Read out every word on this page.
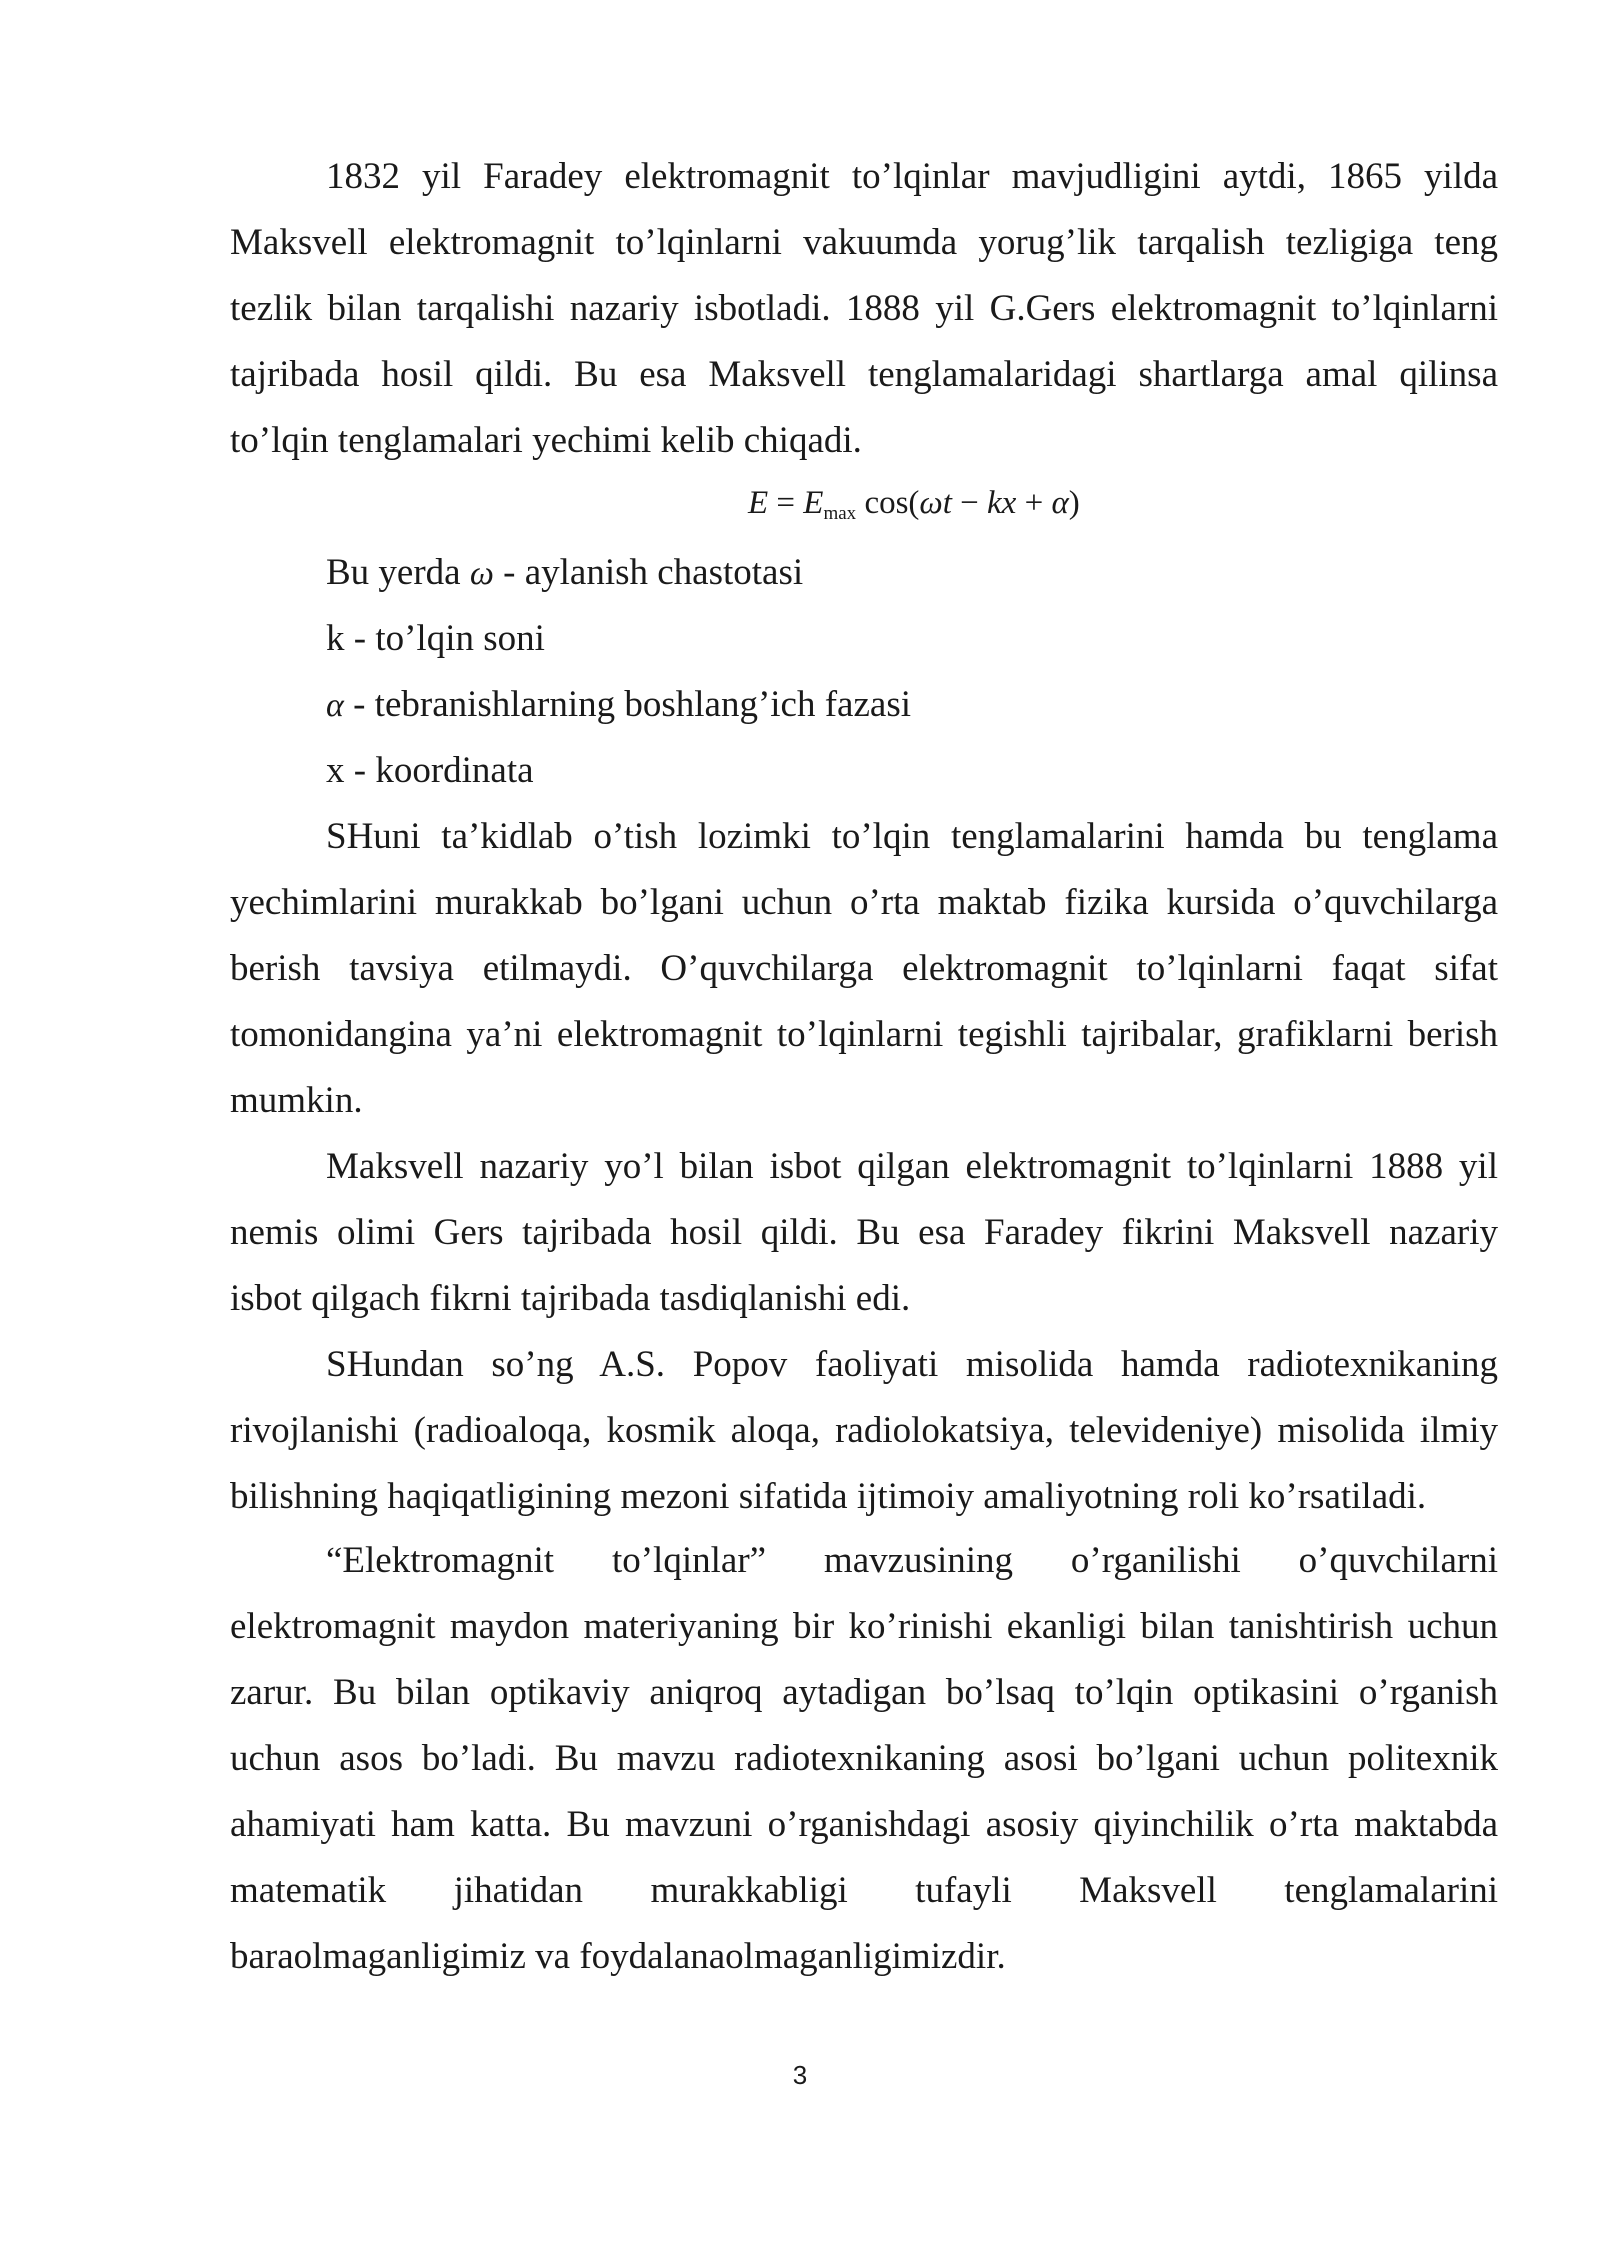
1832 yil Faradey elektromagnit to’lqinlar mavjudligini aytdi, 1865 yilda
Maksvell elektromagnit to’lqinlarni vakuumda yorug’lik tarqalish tezligiga teng
tezlik bilan tarqalishi nazariy isbotladi. 1888 yil G.Gers elektromagnit to’lqinlarni
tajribada hosil qildi. Bu esa Maksvell tenglamalaridagi shartlarga amal qilinsa
to’lqin tenglamalari yechimi kelib chiqadi.
$E = E_{max}$ cos(ωt − kx + α)
Bu yerda ω - aylanish chastotasi
k - to’lqin soni
α - tebranishlarning boshlang’ich fazasi
x - koordinata
SHuni ta’kidlab o’tish lozimki to’lqin tenglamalarini hamda bu tenglama
yechimlarini murakkab bo’lgani uchun o’rta maktab fizika kursida o’quvchilarga
berish tavsiya etilmaydi. O’quvchilarga elektromagnit to’lqinlarni faqat sifat
tomonidangina ya’ni elektromagnit to’lqinlarni tegishli tajribalar, grafiklarni berish
mumkin.
Maksvell nazariy yo’l bilan isbot qilgan elektromagnit to’lqinlarni 1888 yil
nemis olimi Gers tajribada hosil qildi. Bu esa Faradey fikrini Maksvell nazariy
isbot qilgach fikrni tajribada tasdiqlanishi edi.
SHundan so’ng A.S. Popov faoliyati misolida hamda radiotexnikaning
rivojlanishi (radioaloqa, kosmik aloqa, radiolokatsiya, televideniye) misolida ilmiy
bilishning haqiqatligining mezoni sifatida ijtimoiy amaliyotning roli ko’rsatiladi.
“Elektromagnit to’lqinlar” mavzusining o’rganilishi o’quvchilarni
elektromagnit maydon materiyaning bir ko’rinishi ekanligi bilan tanishtirish uchun
zarur. Bu bilan optikaviy aniqroq aytadigan bo’lsaq to’lqin optikasini o’rganish
uchun asos bo’ladi. Bu mavzu radiotexnikaning asosi bo’lgani uchun politexnik
ahamiyati ham katta. Bu mavzuni o’rganishdagi asosiy qiyinchilik o’rta maktabda
matematik jihatidan murakkabligi tufayli Maksvell tenglamalarini
baraolmaganligimiz va foydalanaolmaganligimizdir.
3
